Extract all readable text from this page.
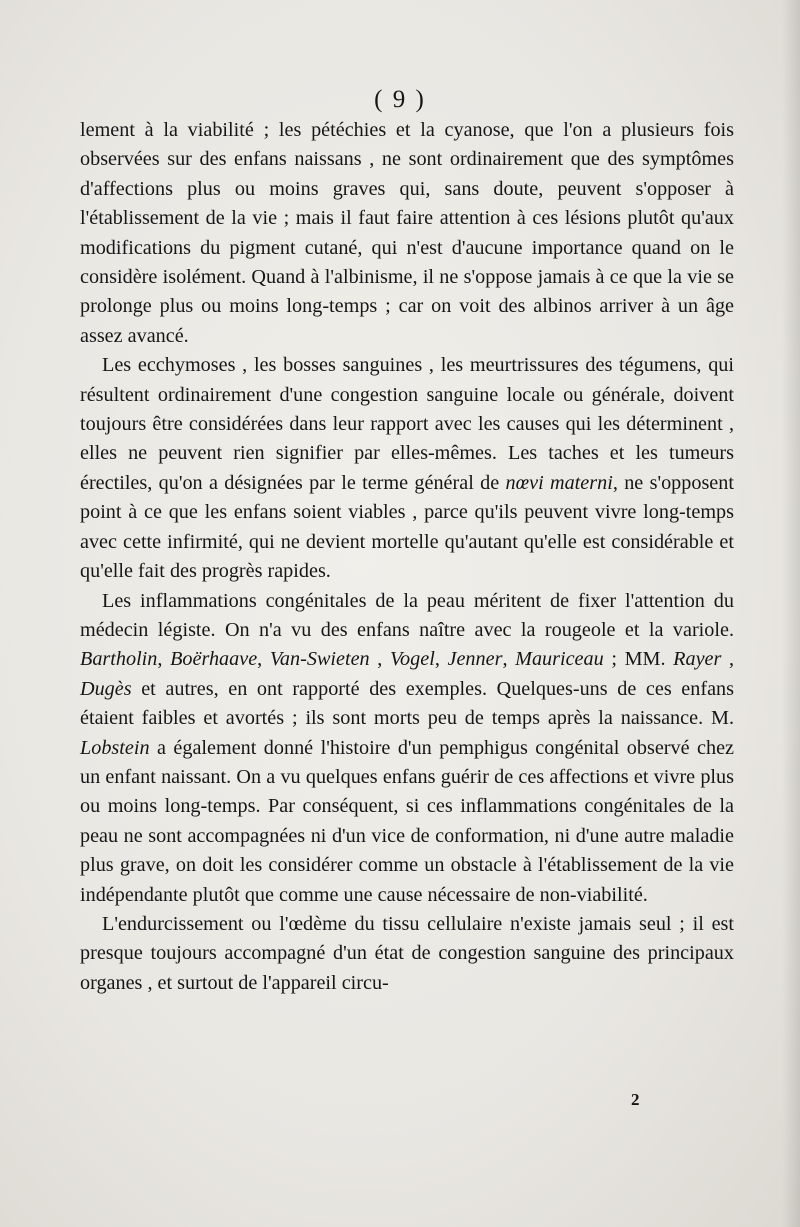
( 9 )

lement à la viabilité ; les pétéchies et la cyanose, que l'on a plusieurs fois observées sur des enfans naissans , ne sont ordinairement que des symptômes d'affections plus ou moins graves qui, sans doute, peuvent s'opposer à l'établissement de la vie ; mais il faut faire attention à ces lésions plutôt qu'aux modifications du pigment cutané, qui n'est d'aucune importance quand on le considère isolément. Quand à l'albinisme, il ne s'oppose jamais à ce que la vie se prolonge plus ou moins long-temps ; car on voit des albinos arriver à un âge assez avancé.

Les ecchymoses , les bosses sanguines , les meurtrissures des tégumens, qui résultent ordinairement d'une congestion sanguine locale ou générale, doivent toujours être considérées dans leur rapport avec les causes qui les déterminent , elles ne peuvent rien signifier par elles-mêmes. Les taches et les tumeurs érectiles, qu'on a désignées par le terme général de nœvi materni, ne s'opposent point à ce que les enfans soient viables , parce qu'ils peuvent vivre long-temps avec cette infirmité, qui ne devient mortelle qu'autant qu'elle est considérable et qu'elle fait des progrès rapides.

Les inflammations congénitales de la peau méritent de fixer l'attention du médecin légiste. On n'a vu des enfans naître avec la rougeole et la variole. Bartholin, Boërhaave, Van-Swieten , Vogel, Jenner, Mauriceau ; MM. Rayer , Dugès et autres, en ont rapporté des exemples. Quelques-uns de ces enfans étaient faibles et avortés ; ils sont morts peu de temps après la naissance. M. Lobstein a également donné l'histoire d'un pemphigus congénital observé chez un enfant naissant. On a vu quelques enfans guérir de ces affections et vivre plus ou moins long-temps. Par conséquent, si ces inflammations congénitales de la peau ne sont accompagnées ni d'un vice de conformation, ni d'une autre maladie plus grave, on doit les considérer comme un obstacle à l'établissement de la vie indépendante plutôt que comme une cause nécessaire de non-viabilité.

L'endurcissement ou l'œdème du tissu cellulaire n'existe jamais seul ; il est presque toujours accompagné d'un état de congestion sanguine des principaux organes , et surtout de l'appareil circu-

2
